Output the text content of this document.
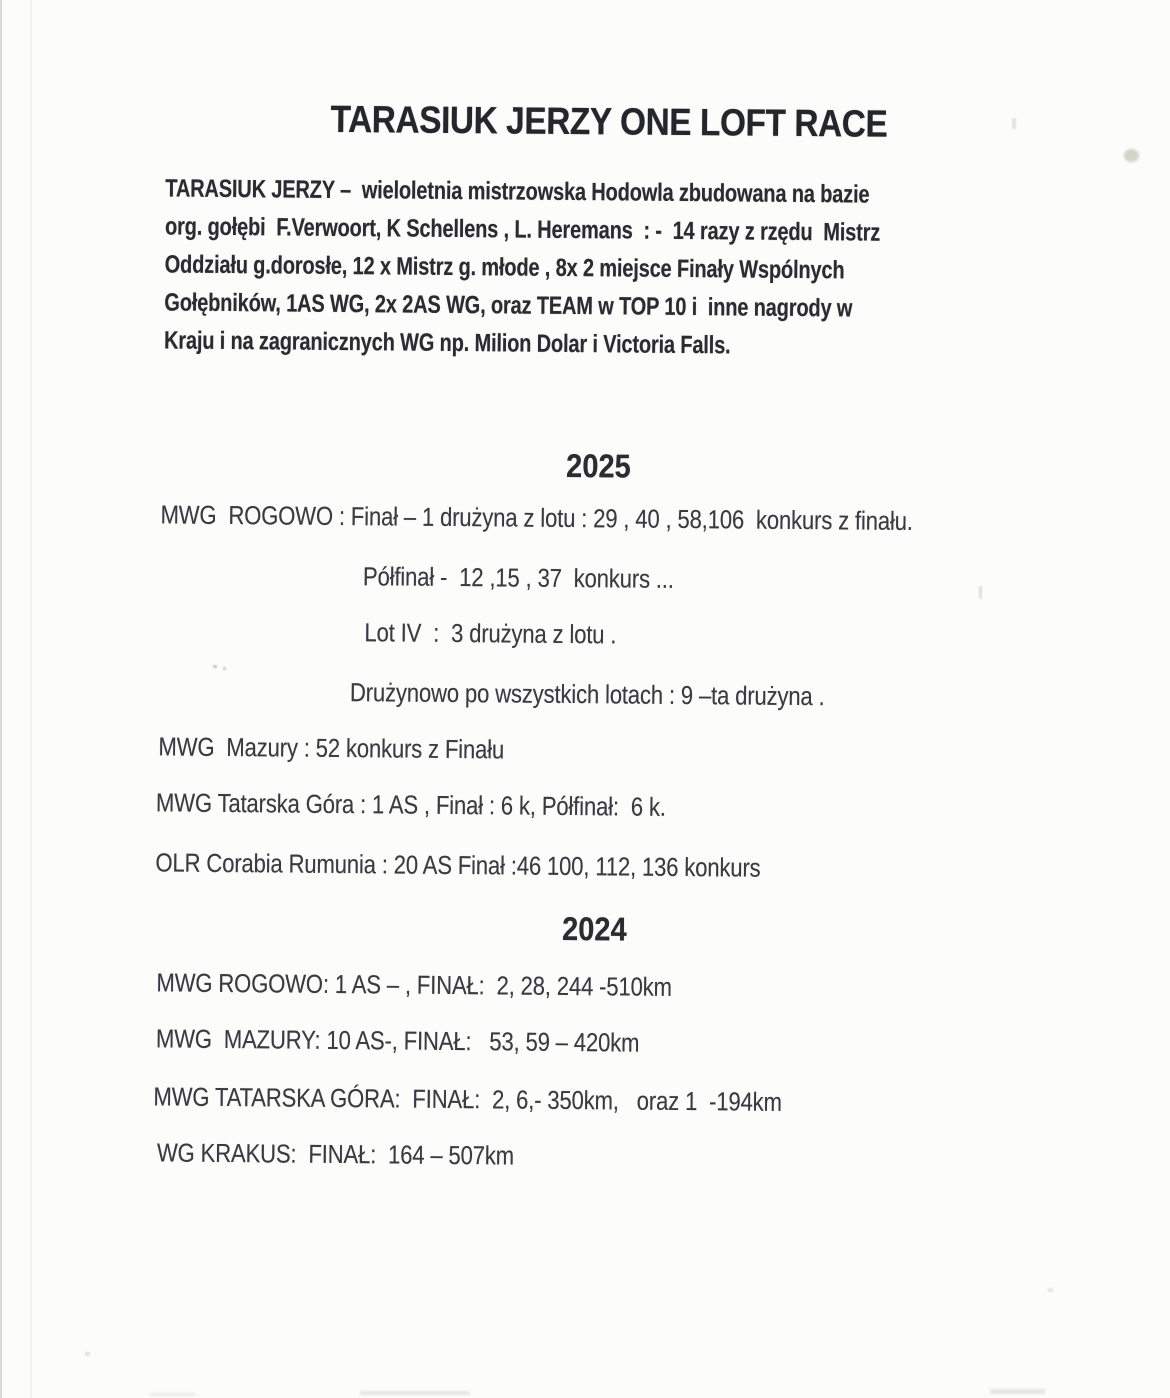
TARASIUK JERZY ONE LOFT RACE

TARASIUK JERZY –  wieloletnia mistrzowska Hodowla zbudowana na bazie

org. gołębi  F.Verwoort, K Schellens , L. Heremans  : -  14 razy z rzędu  Mistrz

Oddziału g.dorosłe, 12 x Mistrz g. młode , 8x 2 miejsce Finały Wspólnych

Gołębników, 1AS WG, 2x 2AS WG, oraz TEAM w TOP 10 i  inne nagrody w

Kraju i na zagranicznych WG np. Milion Dolar i Victoria Falls.

2025

MWG  ROGOWO : Finał – 1 drużyna z lotu : 29 , 40 , 58,106  konkurs z finału.

Półfinał -  12 ,15 , 37  konkurs ...

Lot IV  :  3 drużyna z lotu .

Drużynowo po wszystkich lotach : 9 –ta drużyna .

MWG  Mazury : 52 konkurs z Finału

MWG Tatarska Góra : 1 AS , Finał : 6 k, Półfinał:  6 k.

OLR Corabia Rumunia : 20 AS Finał :46 100, 112, 136 konkurs

2024

MWG ROGOWO: 1 AS – , FINAŁ:  2, 28, 244 -510km

MWG  MAZURY: 10 AS-, FINAŁ:   53, 59 – 420km

MWG TATARSKA GÓRA:  FINAŁ:  2, 6,- 350km,   oraz 1  -194km

WG KRAKUS:  FINAŁ:  164 – 507km
